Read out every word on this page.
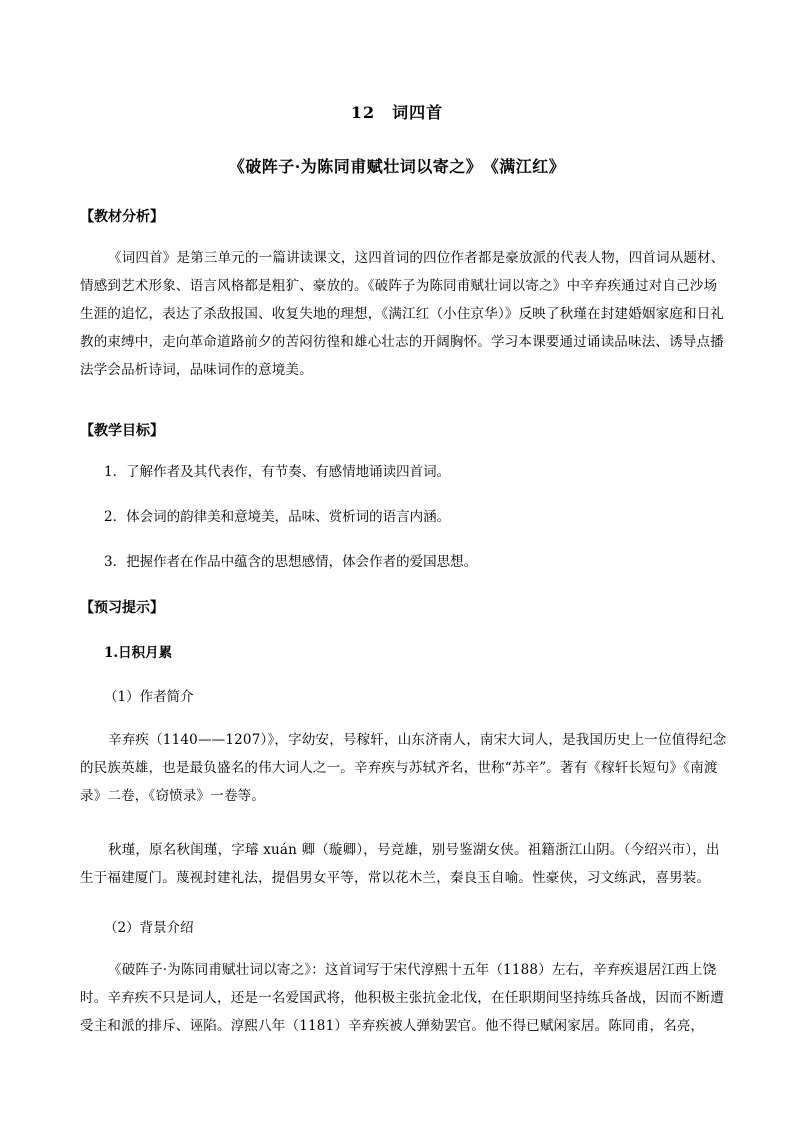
12　词四首
《破阵子·为陈同甫赋壮词以寄之》　《满江红》
【教材分析】
《词四首》是第三单元的一篇讲读课文，这四首词的四位作者都是豪放派的代表人物，四首词从题材、情感到艺术形象、语言风格都是粗犷、豪放的。《破阵子为陈同甫赋壮词以寄之》中辛弃疾通过对自己沙场生涯的追忆，表达了杀敌报国、收复失地的理想，《满江红（小住京华）》反映了秋瑾在封建婚姻家庭和日礼教的束缚中，走向革命道路前夕的苦闷彷徨和雄心壮志的开阔胸怀。学习本课要通过诵读品味法、诱导点播法学会品析诗词，品味词作的意境美。
【教学目标】
1．了解作者及其代表作，有节奏、有感情地诵读四首词。
2．体会词的韵律美和意境美，品味、赏析词的语言内涵。
3．把握作者在作品中蕴含的思想感情，体会作者的爱国思想。
【预习提示】
1.日积月累
（1）作者简介
辛弃疾（1140——1207）》，字幼安，号稼轩，山东济南人，南宋大词人，是我国历史上一位值得纪念的民族英雄，也是最负盛名的伟大词人之一。辛弃疾与苏轼齐名，世称“苏辛”。著有《稼轩长短句》《南渡录》二卷，《窃愤录》一卷等。
秋瑾，原名秋闺瑾，字璿 xuán 卿（璇卿），号竞雄，别号鉴湖女侠。祖籍浙江山阴。（今绍兴市），出生于福建厦门。蔑视封建礼法，提倡男女平等，常以花木兰，秦良玉自喻。性豪侠，习文练武，喜男装。
（2）背景介绍
《破阵子·为陈同甫赋壮词以寄之》：这首词写于宋代淳熙十五年（1188）左右，辛弃疾退居江西上饶时。辛弃疾不只是词人，还是一名爱国武将，他积极主张抗金北伐，在任职期间坚持练兵备战，因而不断遭受主和派的排斥、诬陷。淳熙八年（1181）辛弃疾被人弹劾罢官。他不得已赋闲家居。陈同甫，名亮，
